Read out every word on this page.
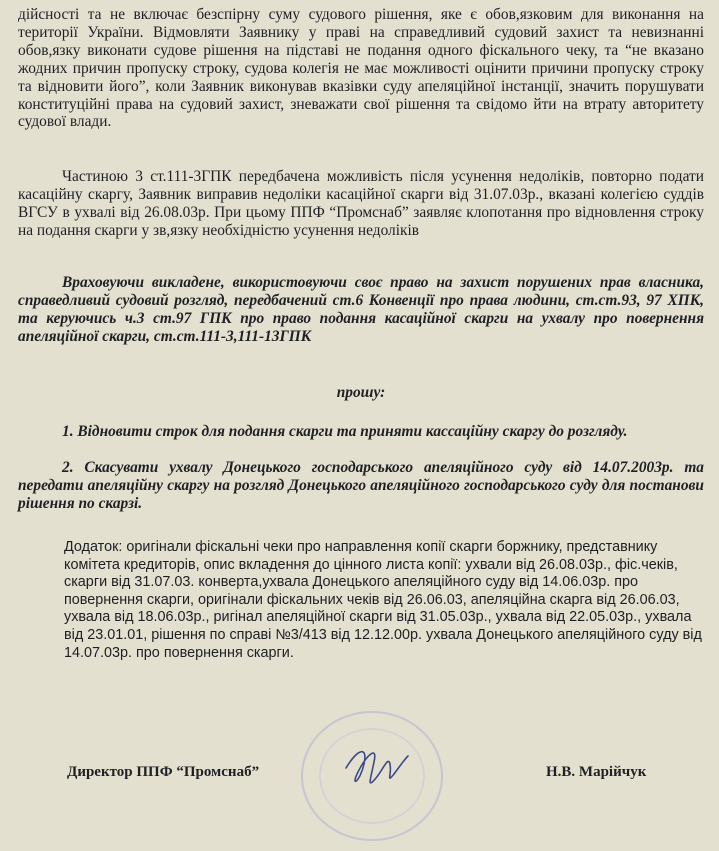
дійсності та не включає безспірну суму судового рішення, яке є обов,язковим для виконання на території України. Відмовляти Заявнику у праві на справедливий судовий захист та невизнанні обов,язку виконати судове рішення на підставі не подання одного фіскального чеку, та “не вказано жодних причин пропуску строку, судова колегія не має можливості оцінити причини пропуску строку та відновити його”, коли Заявник виконував вказівки суду апеляційної інстанції, значить порушувати конституційні права на судовий захист, зневажати свої рішення та свідомо йти на втрату авторитету судової влади.

Частиною 3 ст.111-3ГПК передбачена можливість після усунення недоліків, повторно подати касаційну скаргу, Заявник виправив недоліки касаційної скарги від 31.07.03р., вказані колегією суддів ВГСУ в ухвалі від 26.08.03р. При цьому ППФ “Промснаб” заявляє клопотання про відновлення строку на подання скарги у зв,язку необхідністю усунення недоліків

Враховуючи викладене, використовуючи своє право на захист порушених прав власника, справедливий судовий розгляд, передбачений ст.6 Конвенції про права людини, ст.ст.93, 97 ХПК, та керуючись ч.3 ст.97 ГПК про право подання касаційної скарги на ухвалу про повернення апеляційної скарги, ст.ст.111-3,111-13ГПК

прошу:

1. Відновити строк для подання скарги та приняти кассаційну скаргу до розгляду.

2. Скасувати ухвалу Донецького господарського апеляційного суду від 14.07.2003р. та передати апеляційну скаргу на розгляд Донецького апеляційного господарського суду для постанови рішення по скарзі.

Додаток: оригінали фіскальні чеки про направлення копії скарги боржнику, представнику комітета кредиторів, опис вкладення до цінного листа копії: ухвали від 26.08.03р., фіс.чеків, скарги від 31.07.03. конверта,ухвала Донецького апеляційного суду від 14.06.03р. про повернення скарги, оригінали фіскальних чеків від 26.06.03, апеляційна скарга від 26.06.03, ухвала від 18.06.03р., ригінал апеляційної скарги від 31.05.03р., ухвала від 22.05.03р., ухвала від 23.01.01, рішення по справі №3/413 від 12.12.00р. ухвала Донецького апеляційного суду від 14.07.03р. про повернення скарги.

Директор ППФ “Промснаб”	Н.В. Марійчук
